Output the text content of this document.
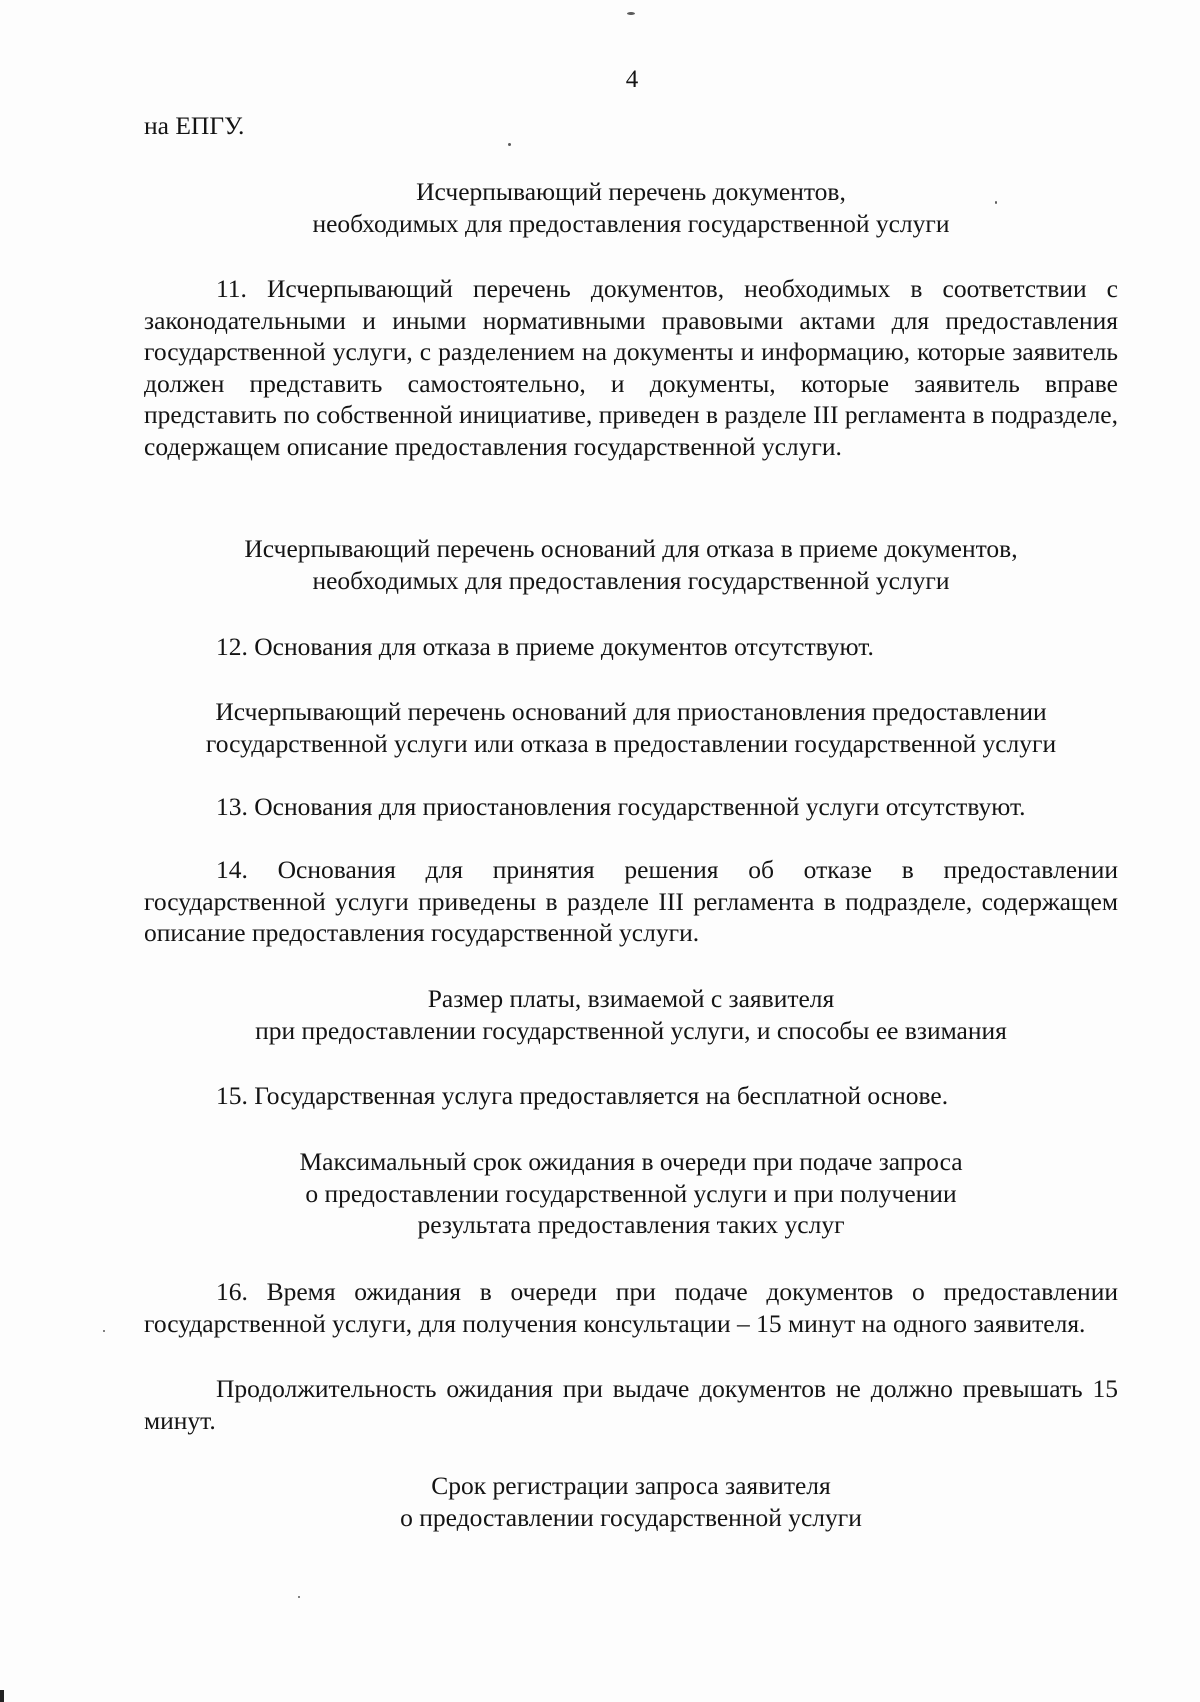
4
на ЕПГУ.
Исчерпывающий перечень документов,
необходимых для предоставления государственной услуги
11. Исчерпывающий перечень документов, необходимых в соответствии с законодательными и иными нормативными правовыми актами для предоставления государственной услуги, с разделением на документы и информацию, которые заявитель должен представить самостоятельно, и документы, которые заявитель вправе представить по собственной инициативе, приведен в разделе III регламента в подразделе, содержащем описание предоставления государственной услуги.
Исчерпывающий перечень оснований для отказа в приеме документов,
необходимых для предоставления государственной услуги
12. Основания для отказа в приеме документов отсутствуют.
Исчерпывающий перечень оснований для приостановления предоставлении
государственной услуги или отказа в предоставлении государственной услуги
13. Основания для приостановления государственной услуги отсутствуют.
14. Основания для принятия решения об отказе в предоставлении государственной услуги приведены в разделе III регламента в подразделе, содержащем описание предоставления государственной услуги.
Размер платы, взимаемой с заявителя
при предоставлении государственной услуги, и способы ее взимания
15. Государственная услуга предоставляется на бесплатной основе.
Максимальный срок ожидания в очереди при подаче запроса
о предоставлении государственной услуги и при получении
результата предоставления таких услуг
16. Время ожидания в очереди при подаче документов о предоставлении государственной услуги, для получения консультации – 15 минут на одного заявителя.
Продолжительность ожидания при выдаче документов не должно превышать 15 минут.
Срок регистрации запроса заявителя
о предоставлении государственной услуги
